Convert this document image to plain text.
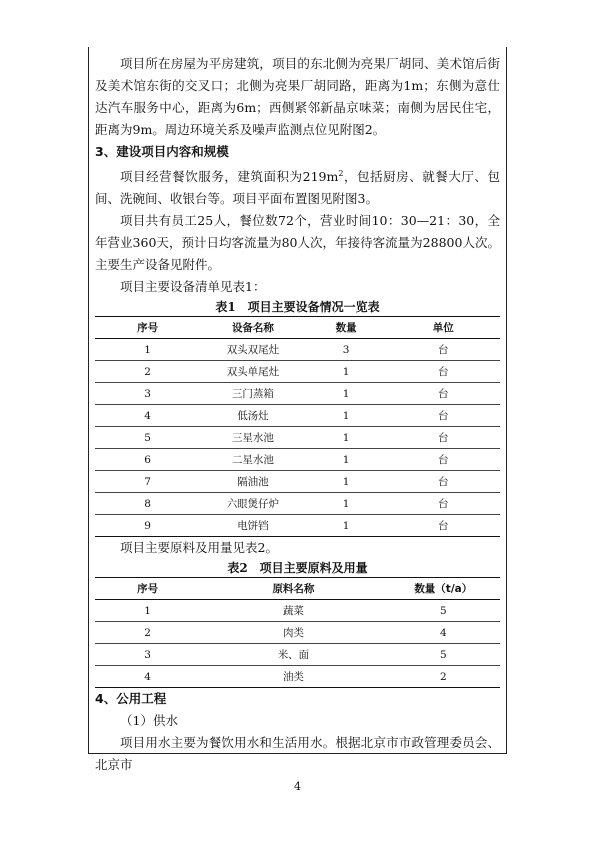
项目所在房屋为平房建筑，项目的东北侧为亮果厂胡同、美术馆后街及美术馆东街的交叉口；北侧为亮果厂胡同路，距离为1m；东侧为意仕达汽车服务中心，距离为6m；西侧紧邻新晶京味菜；南侧为居民住宅，距离为9m。周边环境关系及噪声监测点位见附图2。

3、建设项目内容和规模

项目经营餐饮服务，建筑面积为$219m^2$，包括厨房、就餐大厅、包间、洗碗间、收银台等。项目平面布置图见附图3。

项目共有员工25人，餐位数72个，营业时间10：30—21：30，全年营业360天，预计日均客流量为80人次，年接待客流量为28800人次。主要生产设备见附件。

项目主要设备清单见表1：

表1　项目主要设备情况一览表

序号	设备名称	数量	单位
1	双头双尾灶	3	台
2	双头单尾灶	1	台
3	三门蒸箱	1	台
4	低汤灶	1	台
5	三星水池	1	台
6	二星水池	1	台
7	隔油池	1	台
8	六眼煲仔炉	1	台
9	电饼铛	1	台

项目主要原料及用量见表2。

表2　项目主要原料及用量

序号	原料名称	数量（t/a）
1	蔬菜	5
2	肉类	4
3	米、面	5
4	油类	2

4、公用工程

（1）供水

项目用水主要为餐饮用水和生活用水。根据北京市市政管理委员会、北京市

4
